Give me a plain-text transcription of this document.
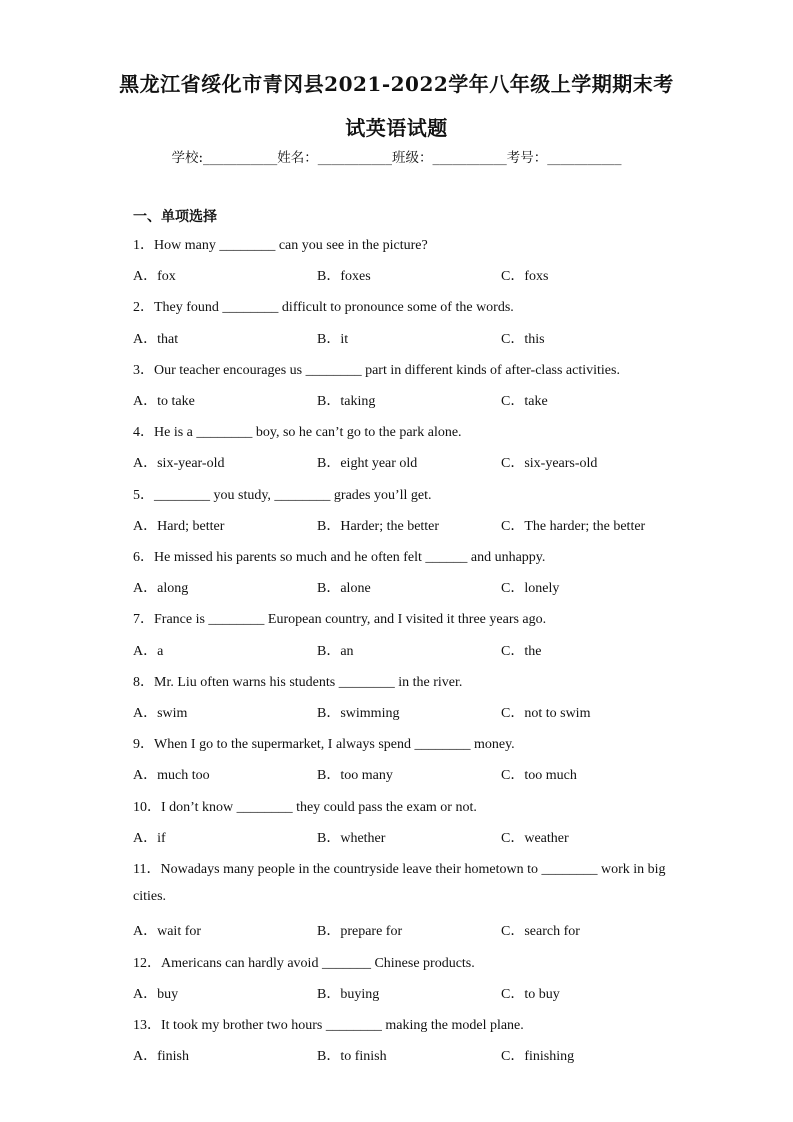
黑龙江省绥化市青冈县2021-2022学年八年级上学期期末考
试英语试题
学校:___________姓名：___________班级：___________考号：___________
一、单项选择
1．How many ________ can you see in the picture?
A．fox	B．foxes	C．foxs
2．They found ________ difficult to pronounce some of the words.
A．that	B．it	C．this
3．Our teacher encourages us ________ part in different kinds of after-class activities.
A．to take	B．taking	C．take
4．He is a ________ boy, so he can’t go to the park alone.
A．six-year-old	B．eight year old	C．six-years-old
5．________ you study, ________ grades you’ll get.
A．Hard; better	B．Harder; the better	C．The harder; the better
6．He missed his parents so much and he often felt ______ and unhappy.
A．along	B．alone	C．lonely
7．France is ________ European country, and I visited it three years ago.
A．a	B．an	C．the
8．Mr. Liu often warns his students ________ in the river.
A．swim	B．swimming	C．not to swim
9．When I go to the supermarket, I always spend ________ money.
A．much too	B．too many	C．too much
10．I don’t know ________ they could pass the exam or not.
A．if	B．whether	C．weather
11．Nowadays many people in the countryside leave their hometown to ________ work in big
cities.
A．wait for	B．prepare for	C．search for
12．Americans can hardly avoid _______ Chinese products.
A．buy	B．buying	C．to buy
13．It took my brother two hours ________ making the model plane.
A．finish	B．to finish	C．finishing
